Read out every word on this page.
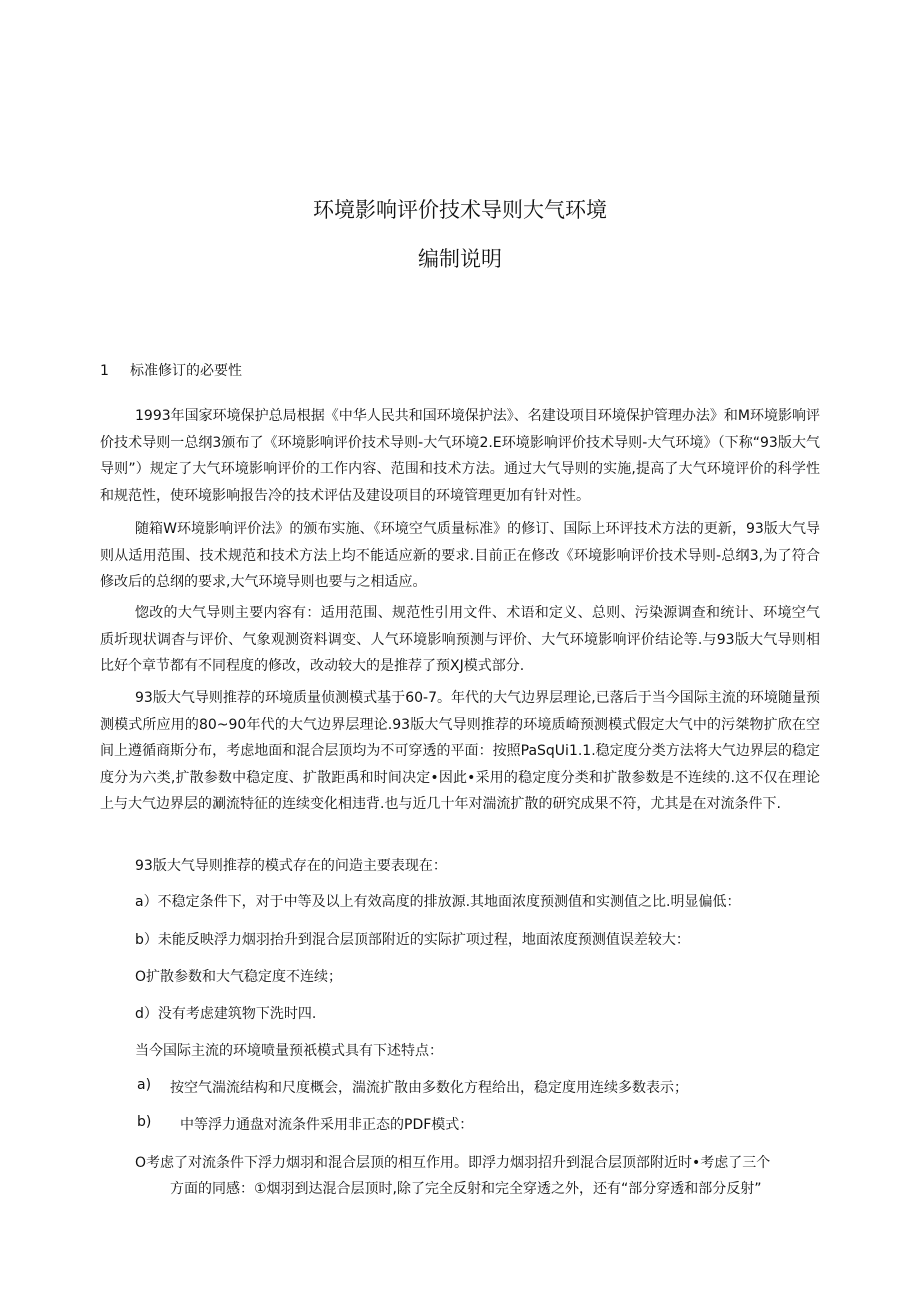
环境影响评价技术导则大气环境
编制说明
1 标准修订的必要性
1993年国家环境保护总局根据《中华人民共和国环境保护法》、名建设项目环境保护管理办法》和M环境影响评价技术导则一总纲3颁布了《环境影响评价技术导则-大气环境2.E环境影响评价技术导则-大气环境》（下称“93版大气导则”）规定了大气环境影响评价的工作内容、范围和技术方法。通过大气导则的实施,提高了大气环境评价的科学性和规范性，使环境影响报告冷的技术评估及建设项目的环境管理更加有针对性。
随箱W环境影响评价法》的颁布实施、《环境空气质量标准》的修订、国际上环评技术方法的更新，93版大气导则从适用范围、技术规范和技术方法上均不能适应新的要求.目前正在修改《环境影响评价技术导则-总纲3,为了符合修改后的总纲的要求,大气环境导则也要与之相适应。
惚改的大气导则主要内容有：适用范围、规范性引用文件、术语和定义、总则、污染源调查和统计、环境空气质圻现状调杳与评价、气象观测资料调变、人气环境影响预测与评价、大气环境影响评价结论等.与93版大气导则相比好个章节都有不同程度的修改，改动较大的是推荐了预XJ模式部分.
93版大气导则推荐的环境质量侦测模式基于60-7。年代的大气边界层理论,已落后于当今国际主流的环境随量预测模式所应用的80~90年代的大气边界层理论.93版大气导则推荐的环境质崎预测模式假定大气中的污桀物扩欣在空间上遵循商斯分布，考虑地面和混合层顶均为不可穿透的平面：按照PaSqUi1.1.稳定度分类方法将大气边界层的稳定度分为六类,扩散参数中稳定度、扩散距禹和时间决定•因此•采用的稳定度分类和扩散参数是不连续的.这不仅在理论上与大气边界层的涮流特征的连续变化相违背.也与近几十年对湍流扩散的研究成果不符，尤其是在对流条件下.
93版大气导则推荐的模式存在的问造主要表现在：
a）不稳定条件下，对于中等及以上有效高度的排放源.其地面浓度预测值和实测值之比.明显偏低：
b）未能反映浮力烟羽抬升到混合层顶部附近的实际扩项过程，地面浓度预测值误差较大：
O扩散参数和大气稳定度不连续；
d）没有考虑建筑物下洗时四.
当今国际主流的环境喷量预祇模式具有下述特点：
a) 按空气湍流结构和尺度概会，湍流扩散由多数化方程给出，稳定度用连续多数表示；
b) 中等浮力通盘对流条件采用非正态的PDF模式：
O考虑了对流条件下浮力烟羽和混合层顶的相互作用。即浮力烟羽招升到混合层顶部附近时•考虑了三个
方面的同感：①烟羽到达混合层顶时,除了完全反射和完全穿透之外，还有“部分穿透和部分反射”
